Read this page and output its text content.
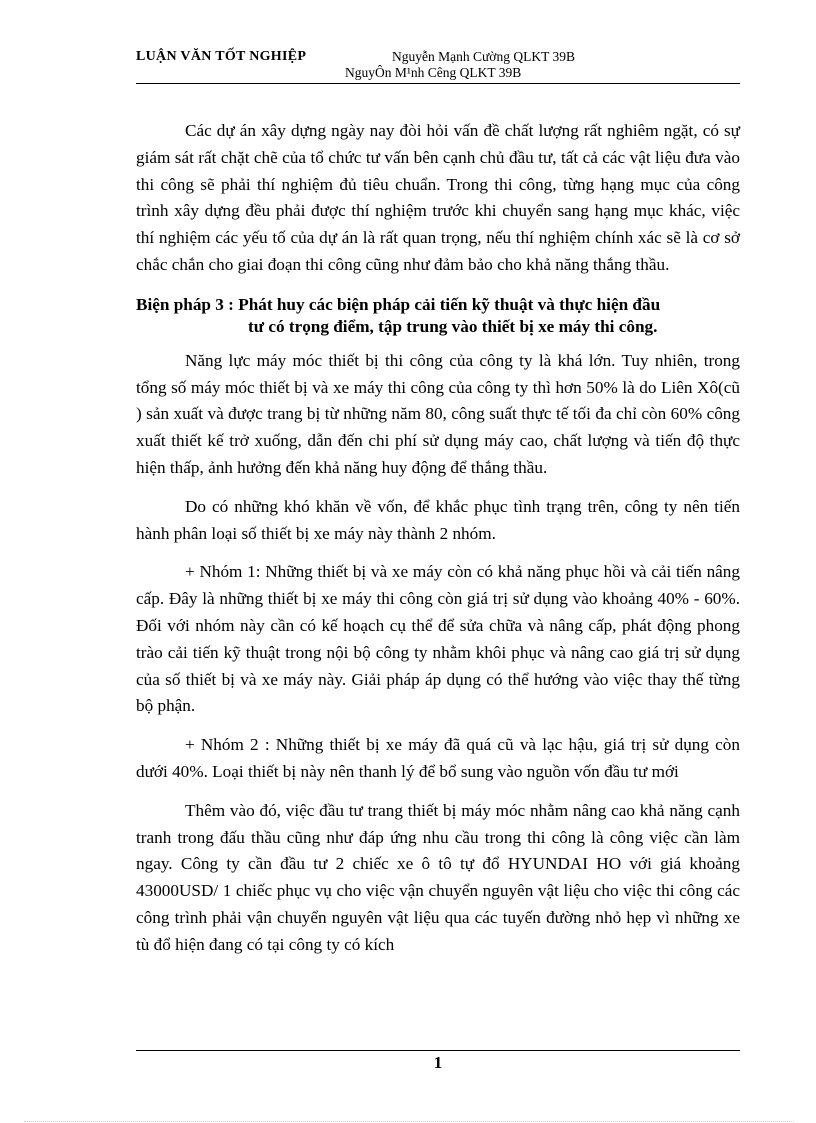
LUẬN VĂN TỐT NGHIỆP	Nguyễn Mạnh Cường QLKT 39B
NguyÔn M¹nh Cêng QLKT 39B

Các dự án xây dựng ngày nay đòi hỏi vấn đề chất lượng rất nghiêm ngặt, có sự giám sát rất chặt chẽ của tổ chức tư vấn bên cạnh chủ đầu tư, tất cả các vật liệu đưa vào thi công sẽ phải thí nghiệm đủ tiêu chuẩn. Trong thi công, từng hạng mục của công trình xây dựng đều phải được thí nghiệm trước khi chuyển sang hạng mục khác, việc thí nghiệm các yếu tố của dự án là rất quan trọng, nếu thí nghiệm chính xác sẽ là cơ sở chắc chắn cho giai đoạn thi công cũng như đảm bảo cho khả năng thắng thầu.

Biện pháp 3 : Phát huy các biện pháp cải tiến kỹ thuật và thực hiện đầu
tư có trọng điểm, tập trung vào thiết bị xe máy thi công.

Năng lực máy móc thiết bị thi công của công ty là khá lớn. Tuy nhiên, trong tổng số máy móc thiết bị và xe máy thi công của công ty thì hơn 50% là do Liên Xô(cũ ) sản xuất và được trang bị từ những năm 80, công suất thực tế tối đa chỉ còn 60% công xuất thiết kế trở xuống, dẫn đến chi phí sử dụng máy cao, chất lượng và tiến độ thực hiện thấp, ảnh hưởng đến khả năng huy động để thắng thầu.

Do có những khó khăn về vốn, để khắc phục tình trạng trên, công ty nên tiến hành phân loại số thiết bị xe máy này thành 2 nhóm.

+ Nhóm 1: Những thiết bị và xe máy còn có khả năng phục hồi và cải tiến nâng cấp. Đây là những thiết bị xe máy thi công còn giá trị sử dụng vào khoảng 40% - 60%. Đối với nhóm này cần có kế hoạch cụ thể để sửa chữa và nâng cấp, phát động phong trào cải tiến kỹ thuật trong nội bộ công ty nhằm khôi phục và nâng cao giá trị sử dụng của số thiết bị và xe máy này. Giải pháp áp dụng có thể hướng vào việc thay thế từng bộ phận.

+ Nhóm 2 : Những thiết bị xe máy đã quá cũ và lạc hậu, giá trị sử dụng còn dưới 40%. Loại thiết bị này nên thanh lý để bổ sung vào nguồn vốn đầu tư mới

Thêm vào đó, việc đầu tư trang thiết bị máy móc nhằm nâng cao khả năng cạnh tranh trong đấu thầu cũng như đáp ứng nhu cầu trong thi công là công việc cần làm ngay. Công ty cần đầu tư 2 chiếc xe ô tô tự đổ HYUNDAI HO với giá khoảng 43000USD/ 1 chiếc phục vụ cho việc vận chuyển nguyên vật liệu cho việc thi công các công trình phải vận chuyển nguyên vật liệu qua các tuyến đường nhỏ hẹp vì những xe tù đổ hiện đang có tại công ty có kích

1
